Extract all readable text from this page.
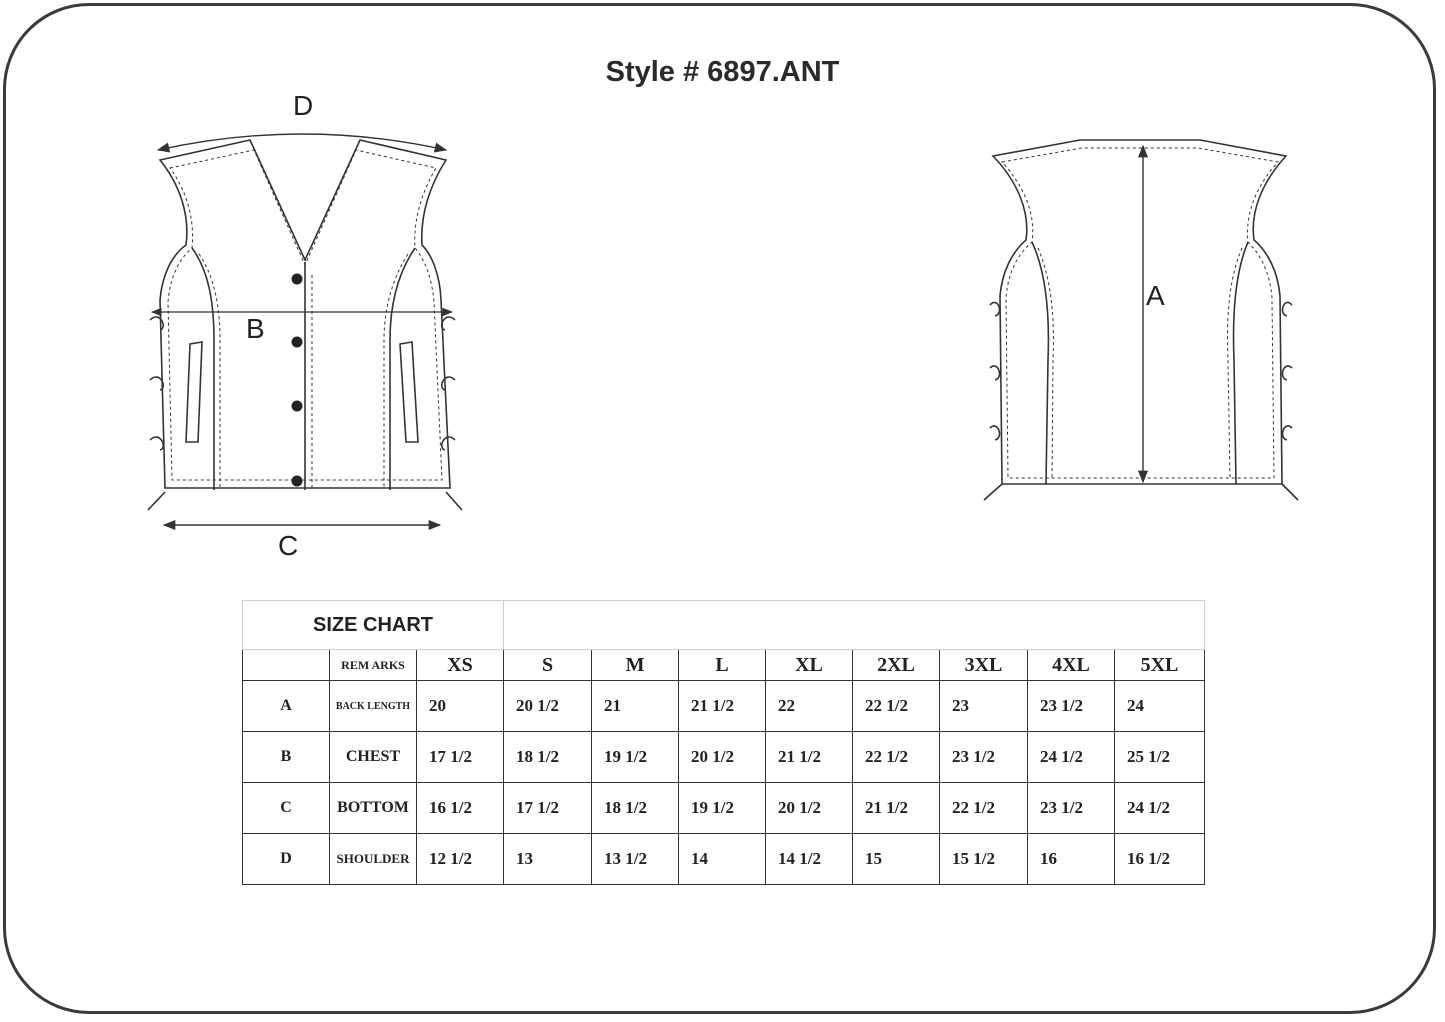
Style # 6897.ANT
D
B
C
A
SIZE CHART										
	REM ARKS	XS	S	M	L	XL	2XL	3XL	4XL	5XL
A	BACK LENGTH	20	20 1/2	21	21 1/2	22	22 1/2	23	23 1/2	24
B	CHEST	17 1/2	18 1/2	19 1/2	20 1/2	21 1/2	22 1/2	23 1/2	24 1/2	25 1/2
C	BOTTOM	16 1/2	17 1/2	18 1/2	19 1/2	20 1/2	21 1/2	22 1/2	23 1/2	24 1/2
D	SHOULDER	12 1/2	13	13 1/2	14	14 1/2	15	15 1/2	16	16 1/2
